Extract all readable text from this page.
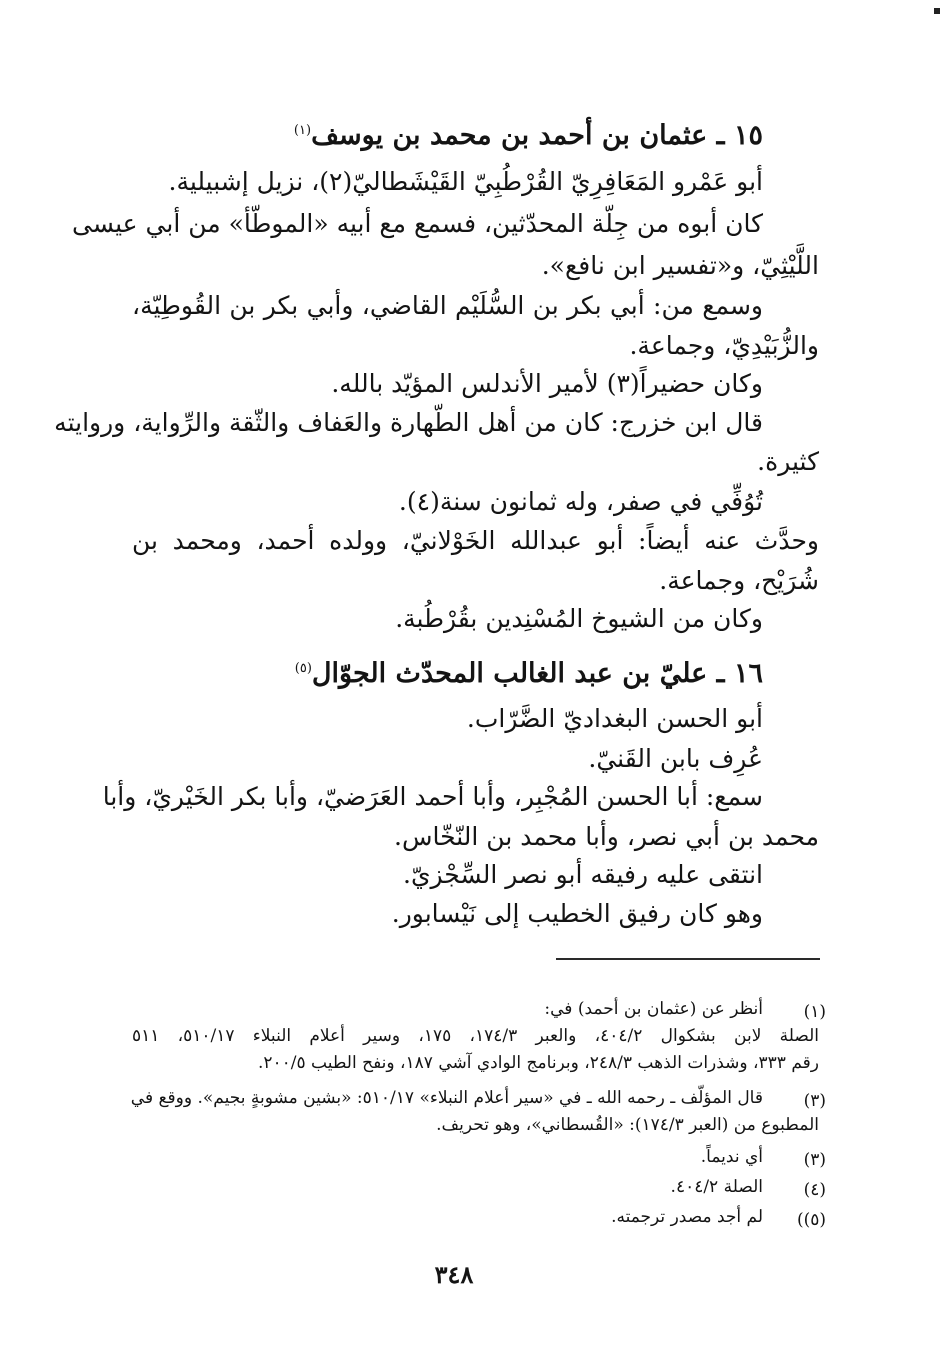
١٥ ـ عثمان بن أحمد بن محمد بن يوسف$^{(١)}$
أبو عَمْرو المَعَافِرِيّ القُرْطُبِيّ القَيْشَطاليّ(٢)، نزيل إشبيلية.
كان أبوه من جِلّة المحدّثين، فسمع مع أبيه «الموطّأ» من أبي عيسى
اللَّيْثِيّ، و«تفسير ابن نافع».
وسمع من: أبي بكر بن السُّلَيْم القاضي، وأبي بكر بن القُوطِيّة،
والزُّبَيْدِيّ، وجماعة.
وكان حضيراً(٣) لأمير الأندلس المؤيّد بالله.
قال ابن خزرج: كان من أهل الطّهارة والعَفاف والثّقة والرِّواية، وروايته
كثيرة.
تُوُفِّي في صفر، وله ثمانون سنة(٤).
وحدَّث عنه أيضاً: أبو عبدالله الخَوْلانيّ، وولده أحمد، ومحمد بن
شُرَيْح، وجماعة.
وكان من الشيوخ المُسْنِدين بقُرْطُبة.
١٦ ـ عليّ بن عبد الغالب المحدّث الجوّال$^{(٥)}$
أبو الحسن البغداديّ الضَّرّاب.
عُرِف بابن القَنيّ.
سمع: أبا الحسن المُجْبِر، وأبا أحمد العَرَضيّ، وأبا بكر الخَيْريّ، وأبا
محمد بن أبي نصر، وأبا محمد بن النّخّاس.
انتقى عليه رفيقه أبو نصر السِّجْزيّ.
وهو كان رفيق الخطيب إلى نَيْسابور.
(١)
أنظر عن (عثمان بن أحمد) في:
الصلة لابن بشكوال ٤٠٤/٢، والعبر ١٧٤/٣، ١٧٥، وسير أعلام النبلاء ٥١٠/١٧، ٥١١
رقم ٣٣٣، وشذرات الذهب ٢٤٨/٣، وبرنامج الوادي آشي ١٨٧، ونفح الطيب ٢٠٠/٥.
(٣)
قال المؤلّف ـ رحمه الله ـ في «سير أعلام النبلاء» ٥١٠/١٧: «بشين مشوبةٍ بجيم». ووقع في
المطبوع من (العبر ١٧٤/٣): «القُسطاني»، وهو تحريف.
(٣)
أي نديماً.
(٤)
الصلة ٤٠٤/٢.
(٥))
لم أجد مصدر ترجمته.
٣٤٨
